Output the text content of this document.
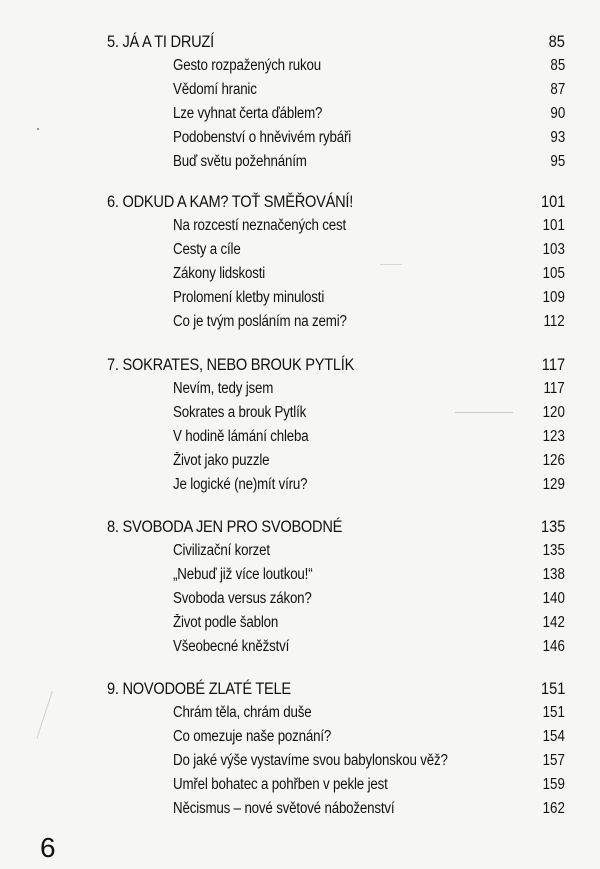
5. JÁ A TI DRUZÍ	85
Gesto rozpažených rukou	85
Vědomí hranic	87
Lze vyhnat čerta ďáblem?	90
Podobenství o hněvivém rybáři	93
Buď světu požehnáním	95
6. ODKUD A KAM? TOŤ SMĚŘOVÁNÍ!	101
Na rozcestí neznačených cest	101
Cesty a cíle	103
Zákony lidskosti	105
Prolomení kletby minulosti	109
Co je tvým posláním na zemi?	112
7. SOKRATES, NEBO BROUK PYTLÍK	117
Nevím, tedy jsem	117
Sokrates a brouk Pytlík	120
V hodině lámání chleba	123
Život jako puzzle	126
Je logické (ne)mít víru?	129
8. SVOBODA JEN PRO SVOBODNÉ	135
Civilizační korzet	135
„Nebuď již více loutkou!“	138
Svoboda versus zákon?	140
Život podle šablon	142
Všeobecné kněžství	146
9. NOVODOBÉ ZLATÉ TELE	151
Chrám těla, chrám duše	151
Co omezuje naše poznání?	154
Do jaké výše vystavíme svou babylonskou věž?	157
Umřel bohatec a pohřben v pekle jest	159
Něcismus – nové světové náboženství	162
6
